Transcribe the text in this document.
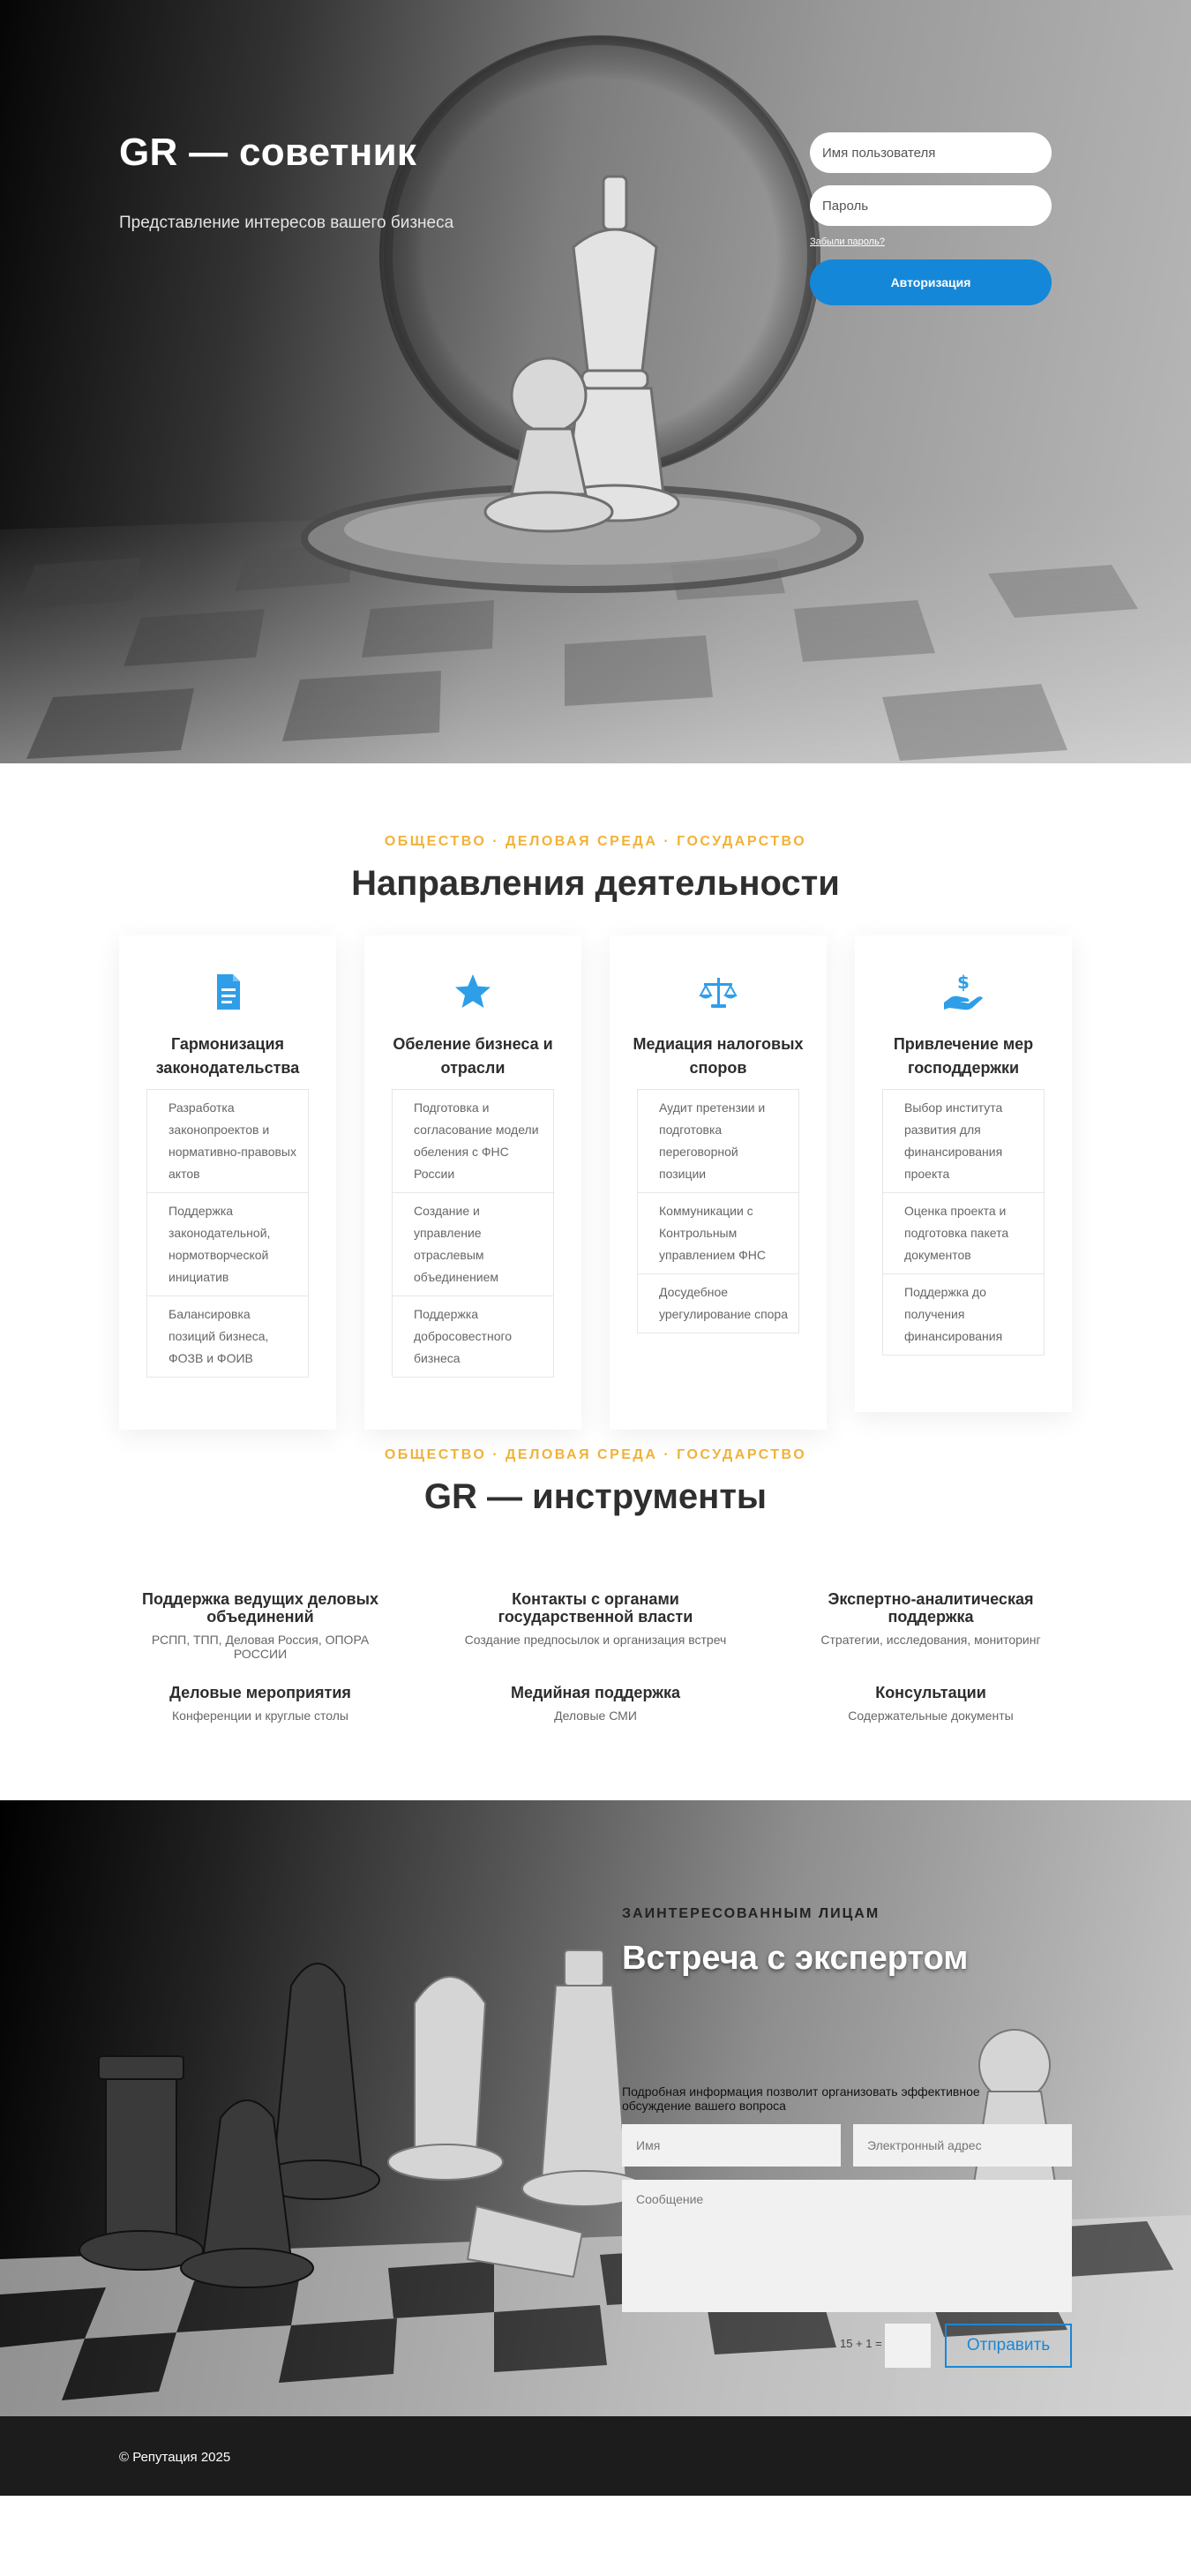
GR — советник

Представление интересов вашего бизнеса

Имя пользователя
Забыли пароль?
Авторизация

ОБЩЕСТВО · ДЕЛОВАЯ СРЕДА · ГОСУДАРСТВО

Направления деятельности
Гармонизация законодательства
Разработка законопроектов и нормативно-правовых актов
Поддержка законодательной, нормотворческой инициатив
Балансировка позиций бизнеса, ФОЗВ и ФОИВ
Обеление бизнеса и отрасли
Подготовка и согласование модели обеления с ФНС России
Создание и управление отраслевым объединением
Поддержка добросовестного бизнеса
Медиация налоговых споров
Аудит претензии и подготовка переговорной позиции
Коммуникации с Контрольным управлением ФНС
Досудебное урегулирование спора
$
Привлечение мер господдержки
Выбор института развития для финансирования проекта
Оценка проекта и подготовка пакета документов
Поддержка до получения финансирования

ОБЩЕСТВО · ДЕЛОВАЯ СРЕДА · ГОСУДАРСТВО

GR — инструменты
Поддержка ведущих деловых объединений

РСПП, ТПП, Деловая Россия, ОПОРА РОССИИ

Контакты с органами государственной власти

Создание предпосылок и организация встреч

Экспертно-аналитическая поддержка

Стратегии, исследования, мониторинг

Деловые мероприятия

Конференции и круглые столы

Медийная поддержка

Деловые СМИ

Консультации

Содержательные документы

ЗАИНТЕРЕСОВАННЫМ ЛИЦАМ

Встреча с экспертом

Подробная информация позволит организовать эффективное обсуждение вашего вопроса

Имя
Электронный адрес
Сообщение
15 + 1 =	Отправить
© Репутация 2025
